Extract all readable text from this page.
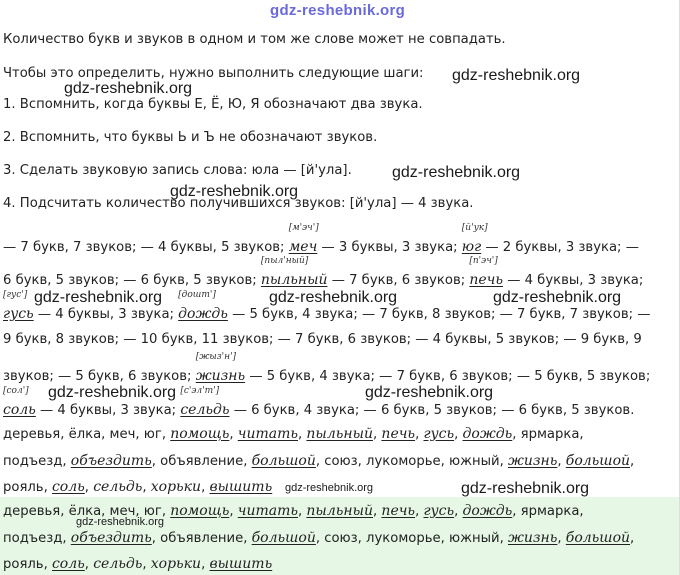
gdz-reshebnik.org
Количество букв и звуков в одном и том же слове может не совпадать.
Чтобы это определить, нужно выполнить следующие шаги: gdz-reshebnik.org
gdz-reshebnik.org
1. Вспомнить, когда буквы Е, Ё, Ю, Я обозначают два звука.
2. Вспомнить, что буквы Ь и Ъ не обозначают звуков.
3. Сделать звуковую запись слова: юла — [й'ула].	gdz-reshebnik.org
gdz-reshebnik.org
4. Подсчитать количество получившихся звуков: [й'ула] — 4 звука.
— 7 букв, 7 звуков; — 4 буквы, 5 звуков;
[м'эч']
меч — 3 буквы, 3 звука;
[й'ук]
юг — 2 буквы, 3 звука; —
6 букв, 5 звуков; — 6 букв, 5 звуков;
[пыл'ный]
пыльный — 7 букв, 6 звуков;
[п'эч']
печь — 4 буквы, 3 звука;
gdz-reshebnik.org	gdz-reshebnik.org	gdz-reshebnik.org
[гус']
гусь — 4 буквы, 3 звука;
[дошт']
дождь — 5 букв, 4 звука; — 7 букв, 8 звуков; — 7 букв, 7 звуков; —
9 букв, 8 звуков; — 10 букв, 11 звуков; — 7 букв, 6 звуков; — 4 буквы, 5 звуков; — 9 букв, 9
звуков; — 5 букв, 6 звуков;
[жыз'н']
жизнь — 5 букв, 4 звука; — 7 букв, 6 звуков; — 5 букв, 5 звуков;
gdz-reshebnik.org	gdz-reshebnik.org
[сол']
соль — 4 буквы, 3 звука;
[с'эл'т']
сельдь — 6 букв, 4 звука; — 6 букв, 5 звуков; — 6 букв, 5 звуков.
деревья, ёлка, меч, юг, помощь, читать, пыльный, печь, гусь, дождь, ярмарка,
подъезд, объездить, объявление, большой, союз, лукоморье, южный, жизнь, большой,
рояль, соль, сельдь, хорьки, вышить gdz-reshebnik.org	gdz-reshebnik.org
деревья, ёлка, меч, юг, помощь, читать, пыльный, печь, гусь, дождь, ярмарка,
gdz-reshebnik.org
подъезд, объездить, объявление, большой, союз, лукоморье, южный, жизнь, большой,
рояль, соль, сельдь, хорьки, вышить
